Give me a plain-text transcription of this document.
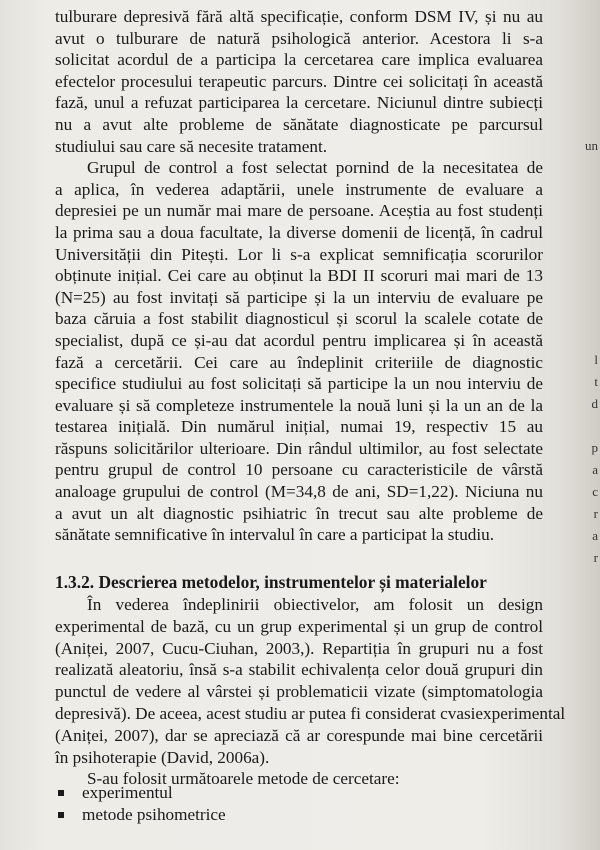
tulburare depresivă fără altă specificație, conform DSM IV, și nu au
avut o tulburare de natură psihologică anterior. Acestora li s-a
solicitat acordul de a participa la cercetarea care implica evaluarea
efectelor procesului terapeutic parcurs. Dintre cei solicitați în această
fază, unul a refuzat participarea la cercetare. Niciunul dintre subiecți
nu a avut alte probleme de sănătate diagnosticate pe parcursul
studiului sau care să necesite tratament.
Grupul de control a fost selectat pornind de la necesitatea de
a aplica, în vederea adaptării, unele instrumente de evaluare a
depresiei pe un număr mai mare de persoane. Aceștia au fost studenți
la prima sau a doua facultate, la diverse domenii de licență, în cadrul
Universității din Pitești. Lor li s-a explicat semnificația scorurilor
obținute inițial. Cei care au obținut la BDI II scoruri mai mari de 13
(N=25) au fost invitați să participe și la un interviu de evaluare pe
baza căruia a fost stabilit diagnosticul și scorul la scalele cotate de
specialist, după ce și-au dat acordul pentru implicarea și în această
fază a cercetării. Cei care au îndeplinit criteriile de diagnostic
specifice studiului au fost solicitați să participe la un nou interviu de
evaluare și să completeze instrumentele la nouă luni și la un an de la
testarea inițială. Din numărul inițial, numai 19, respectiv 15 au
răspuns solicitărilor ulterioare. Din rândul ultimilor, au fost selectate
pentru grupul de control 10 persoane cu caracteristicile de vârstă
analoage grupului de control (M=34,8 de ani, SD=1,22). Niciuna nu
a avut un alt diagnostic psihiatric în trecut sau alte probleme de
sănătate semnificative în intervalul în care a participat la studiu.
1.3.2. Descrierea metodelor, instrumentelor și materialelor
În vederea îndeplinirii obiectivelor, am folosit un design
experimental de bază, cu un grup experimental și un grup de control
(Aniței, 2007, Cucu-Ciuhan, 2003,). Repartiția în grupuri nu a fost
realizată aleatoriu, însă s-a stabilit echivalența celor două grupuri din
punctul de vedere al vârstei și problematicii vizate (simptomatologia
depresivă). De aceea, acest studiu ar putea fi considerat cvasiexperimental
(Aniței, 2007), dar se apreciază că ar corespunde mai bine cercetării
în psihoterapie (David, 2006a).
S-au folosit următoarele metode de cercetare:
experimentul
metode psihometrice
un
l
t
d
p
a
c
r
a
r
